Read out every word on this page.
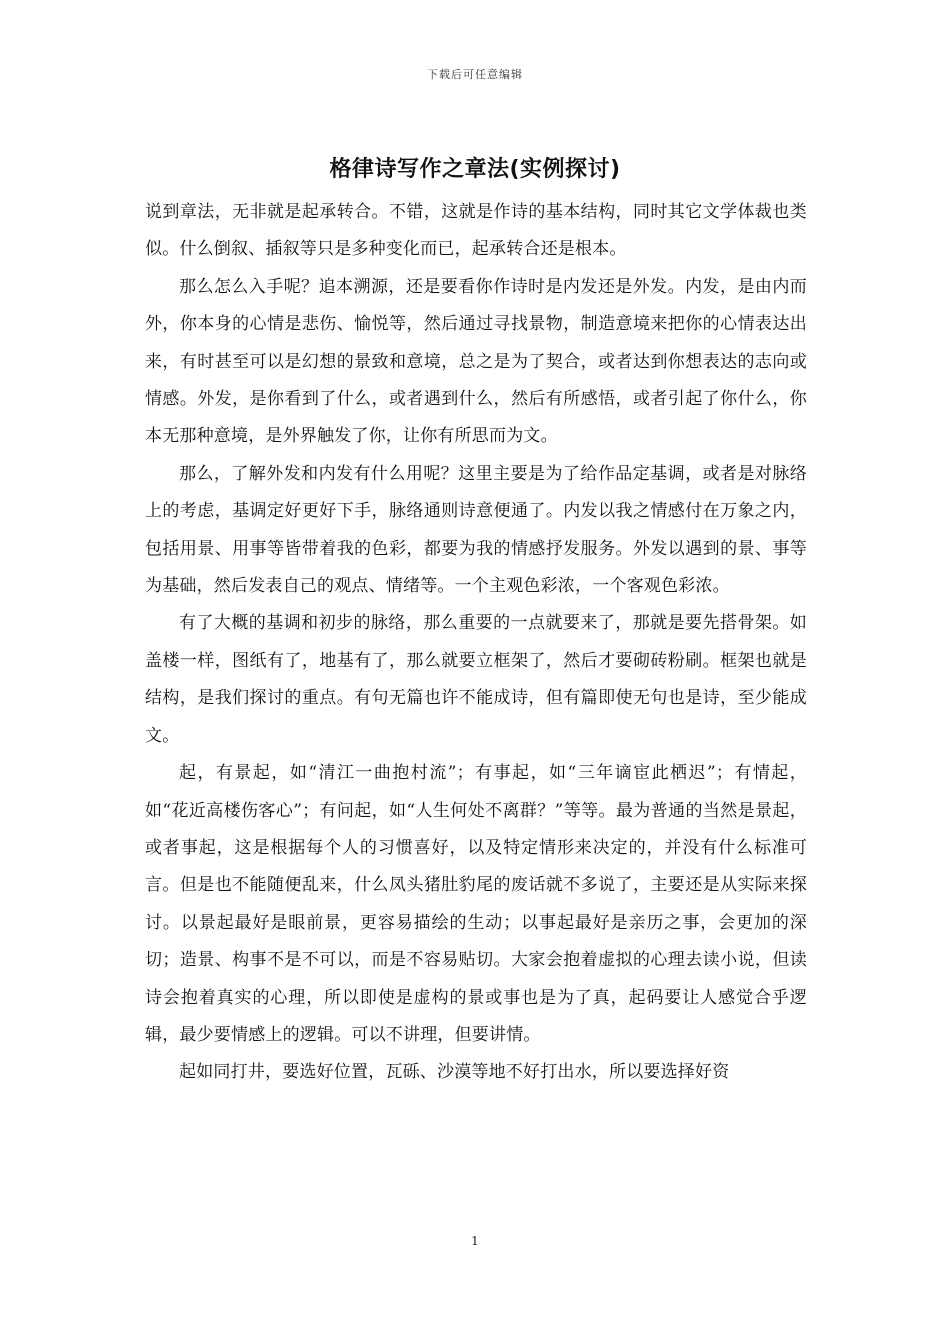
下载后可任意编辑
格律诗写作之章法(实例探讨)

说到章法，无非就是起承转合。不错，这就是作诗的基本结构，同时其它文学体裁也类似。什么倒叙、插叙等只是多种变化而已，起承转合还是根本。

那么怎么入手呢？追本溯源，还是要看你作诗时是内发还是外发。内发，是由内而外，你本身的心情是悲伤、愉悦等，然后通过寻找景物，制造意境来把你的心情表达出来，有时甚至可以是幻想的景致和意境，总之是为了契合，或者达到你想表达的志向或情感。外发，是你看到了什么，或者遇到什么，然后有所感悟，或者引起了你什么，你本无那种意境，是外界触发了你，让你有所思而为文。

那么，了解外发和内发有什么用呢？这里主要是为了给作品定基调，或者是对脉络上的考虑，基调定好更好下手，脉络通则诗意便通了。内发以我之情感付在万象之内，包括用景、用事等皆带着我的色彩，都要为我的情感抒发服务。外发以遇到的景、事等为基础，然后发表自己的观点、情绪等。一个主观色彩浓，一个客观色彩浓。

有了大概的基调和初步的脉络，那么重要的一点就要来了，那就是要先搭骨架。如盖楼一样，图纸有了，地基有了，那么就要立框架了，然后才要砌砖粉刷。框架也就是结构，是我们探讨的重点。有句无篇也许不能成诗，但有篇即使无句也是诗，至少能成文。

起，有景起，如“清江一曲抱村流”；有事起，如“三年谪宦此栖迟”；有情起，如“花近高楼伤客心”；有问起，如“人生何处不离群？”等等。最为普通的当然是景起，或者事起，这是根据每个人的习惯喜好，以及特定情形来决定的，并没有什么标准可言。但是也不能随便乱来，什么凤头猪肚豹尾的废话就不多说了，主要还是从实际来探讨。以景起最好是眼前景，更容易描绘的生动；以事起最好是亲历之事，会更加的深切；造景、构事不是不可以，而是不容易贴切。大家会抱着虚拟的心理去读小说，但读诗会抱着真实的心理，所以即使是虚构的景或事也是为了真，起码要让人感觉合乎逻辑，最少要情感上的逻辑。可以不讲理，但要讲情。

起如同打井，要选好位置，瓦砾、沙漠等地不好打出水，所以要选择好资

1
